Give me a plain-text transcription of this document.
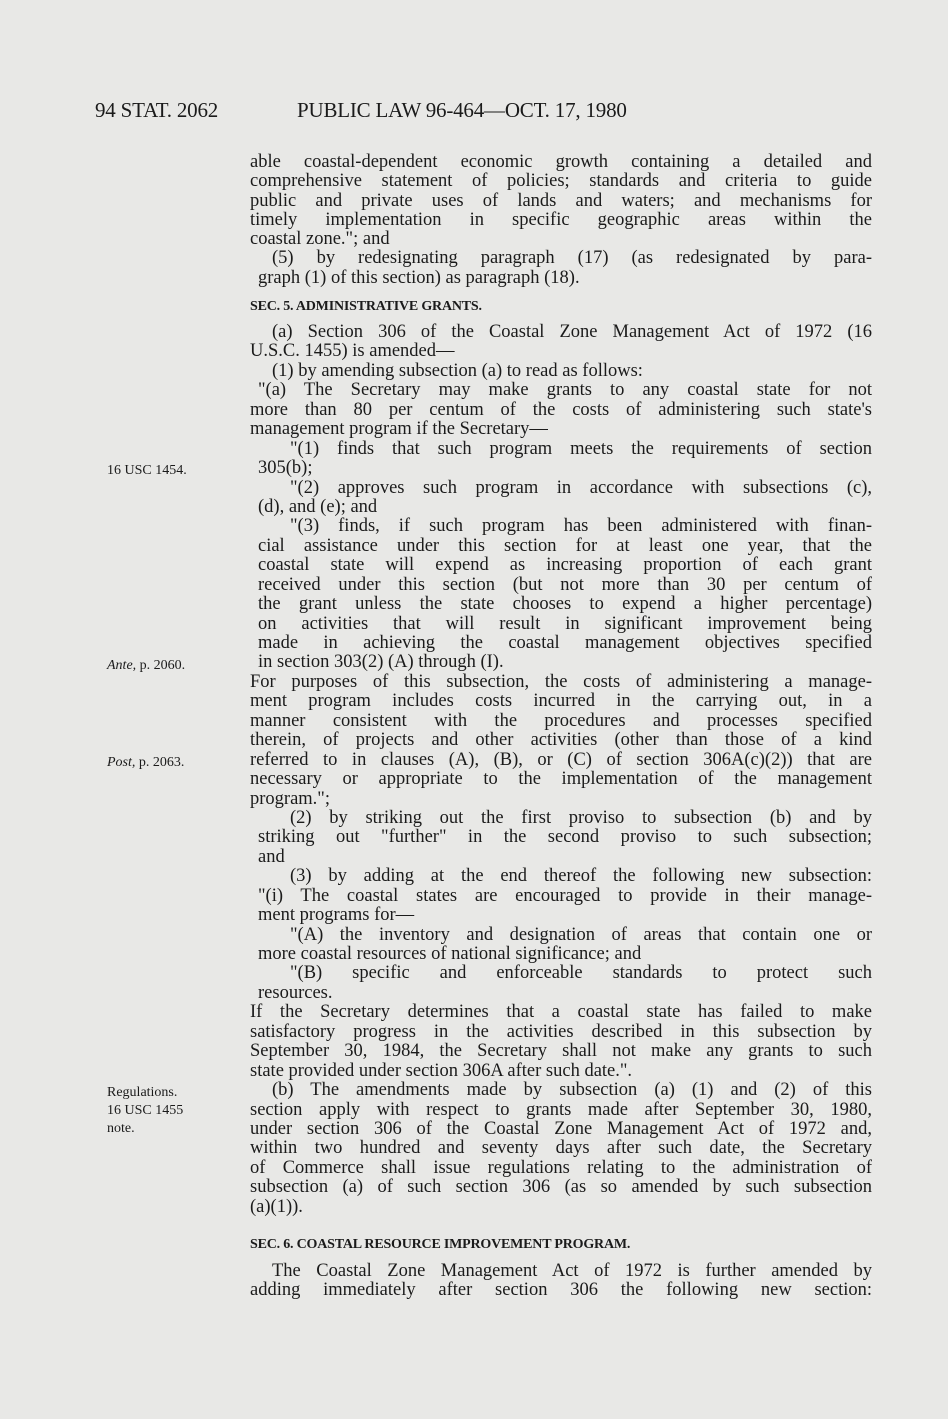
94 STAT. 2062	PUBLIC LAW 96-464—OCT. 17, 1980
16 USC 1454.
Ante, p. 2060.
Post, p. 2063.
Regulations.
16 USC 1455
note.
able coastal-dependent economic growth containing a detailed and
comprehensive statement of policies; standards and criteria to guide
public and private uses of lands and waters; and mechanisms for
timely implementation in specific geographic areas within the
coastal zone."; and
(5) by redesignating paragraph (17) (as redesignated by para-
graph (1) of this section) as paragraph (18).
SEC. 5. ADMINISTRATIVE GRANTS.
(a) Section 306 of the Coastal Zone Management Act of 1972 (16
U.S.C. 1455) is amended—
(1) by amending subsection (a) to read as follows:
"(a) The Secretary may make grants to any coastal state for not
more than 80 per centum of the costs of administering such state's
management program if the Secretary—
"(1) finds that such program meets the requirements of section
305(b);
"(2) approves such program in accordance with subsections (c),
(d), and (e); and
"(3) finds, if such program has been administered with finan-
cial assistance under this section for at least one year, that the
coastal state will expend as increasing proportion of each grant
received under this section (but not more than 30 per centum of
the grant unless the state chooses to expend a higher percentage)
on activities that will result in significant improvement being
made in achieving the coastal management objectives specified
in section 303(2) (A) through (I).
For purposes of this subsection, the costs of administering a manage-
ment program includes costs incurred in the carrying out, in a
manner consistent with the procedures and processes specified
therein, of projects and other activities (other than those of a kind
referred to in clauses (A), (B), or (C) of section 306A(c)(2)) that are
necessary or appropriate to the implementation of the management
program.";
(2) by striking out the first proviso to subsection (b) and by
striking out "further" in the second proviso to such subsection;
and
(3) by adding at the end thereof the following new subsection:
"(i) The coastal states are encouraged to provide in their manage-
ment programs for—
"(A) the inventory and designation of areas that contain one or
more coastal resources of national significance; and
"(B) specific and enforceable standards to protect such
resources.
If the Secretary determines that a coastal state has failed to make
satisfactory progress in the activities described in this subsection by
September 30, 1984, the Secretary shall not make any grants to such
state provided under section 306A after such date.".
(b) The amendments made by subsection (a) (1) and (2) of this
section apply with respect to grants made after September 30, 1980,
under section 306 of the Coastal Zone Management Act of 1972 and,
within two hundred and seventy days after such date, the Secretary
of Commerce shall issue regulations relating to the administration of
subsection (a) of such section 306 (as so amended by such subsection
(a)(1)).
SEC. 6. COASTAL RESOURCE IMPROVEMENT PROGRAM.
The Coastal Zone Management Act of 1972 is further amended by
adding immediately after section 306 the following new section:
